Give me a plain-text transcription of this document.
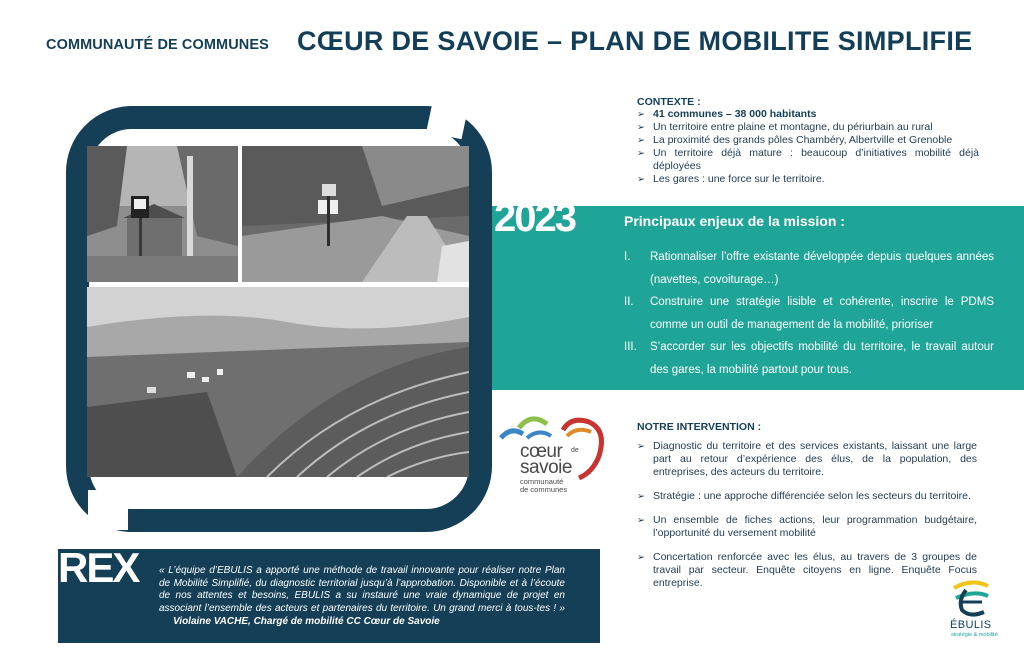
COMMUNAUTÉ DE COMMUNES CŒUR DE SAVOIE – PLAN DE MOBILITE SIMPLIFIE
CONTEXTE :
➢ 41 communes – 38 000 habitants
➢ Un territoire entre plaine et montagne, du périurbain au rural
➢ La proximité des grands pôles Chambéry, Albertville et Grenoble
➢ Un territoire déjà mature : beaucoup d’initiatives mobilité déjà déployées
➢ Les gares : une force sur le territoire.
2023	Principaux enjeux de la mission :
I. Rationnaliser l’offre existante développée depuis quelques années (navettes, covoiturage…)
II. Construire une stratégie lisible et cohérente, inscrire le PDMS comme un outil de management de la mobilité, prioriser
III. S’accorder sur les objectifs mobilité du territoire, le travail autour des gares, la mobilité partout pour tous.
cœur de
savoie
communauté
de communes
NOTRE INTERVENTION :
➢ Diagnostic du territoire et des services existants, laissant une large part au retour d’expérience des élus, de la population, des entreprises, des acteurs du territoire.
➢ Stratégie : une approche différenciée selon les secteurs du territoire.
➢ Un ensemble de fiches actions, leur programmation budgétaire, l’opportunité du versement mobilité
➢ Concertation renforcée avec les élus, au travers de 3 groupes de travail par secteur. Enquête citoyens en ligne. Enquête Focus entreprise.
REX « L’équipe d’EBULIS a apporté une méthode de travail innovante pour réaliser notre Plan de Mobilité Simplifié, du diagnostic territorial jusqu’à l’approbation. Disponible et à l’écoute de nos attentes et besoins, EBULIS a su instauré une vraie dynamique de projet en associant l’ensemble des acteurs et partenaires du territoire. Un grand merci à tous-tes ! » Violaine VACHE, Chargé de mobilité CC Cœur de Savoie	ÉBULIS
stratégie & mobilité
